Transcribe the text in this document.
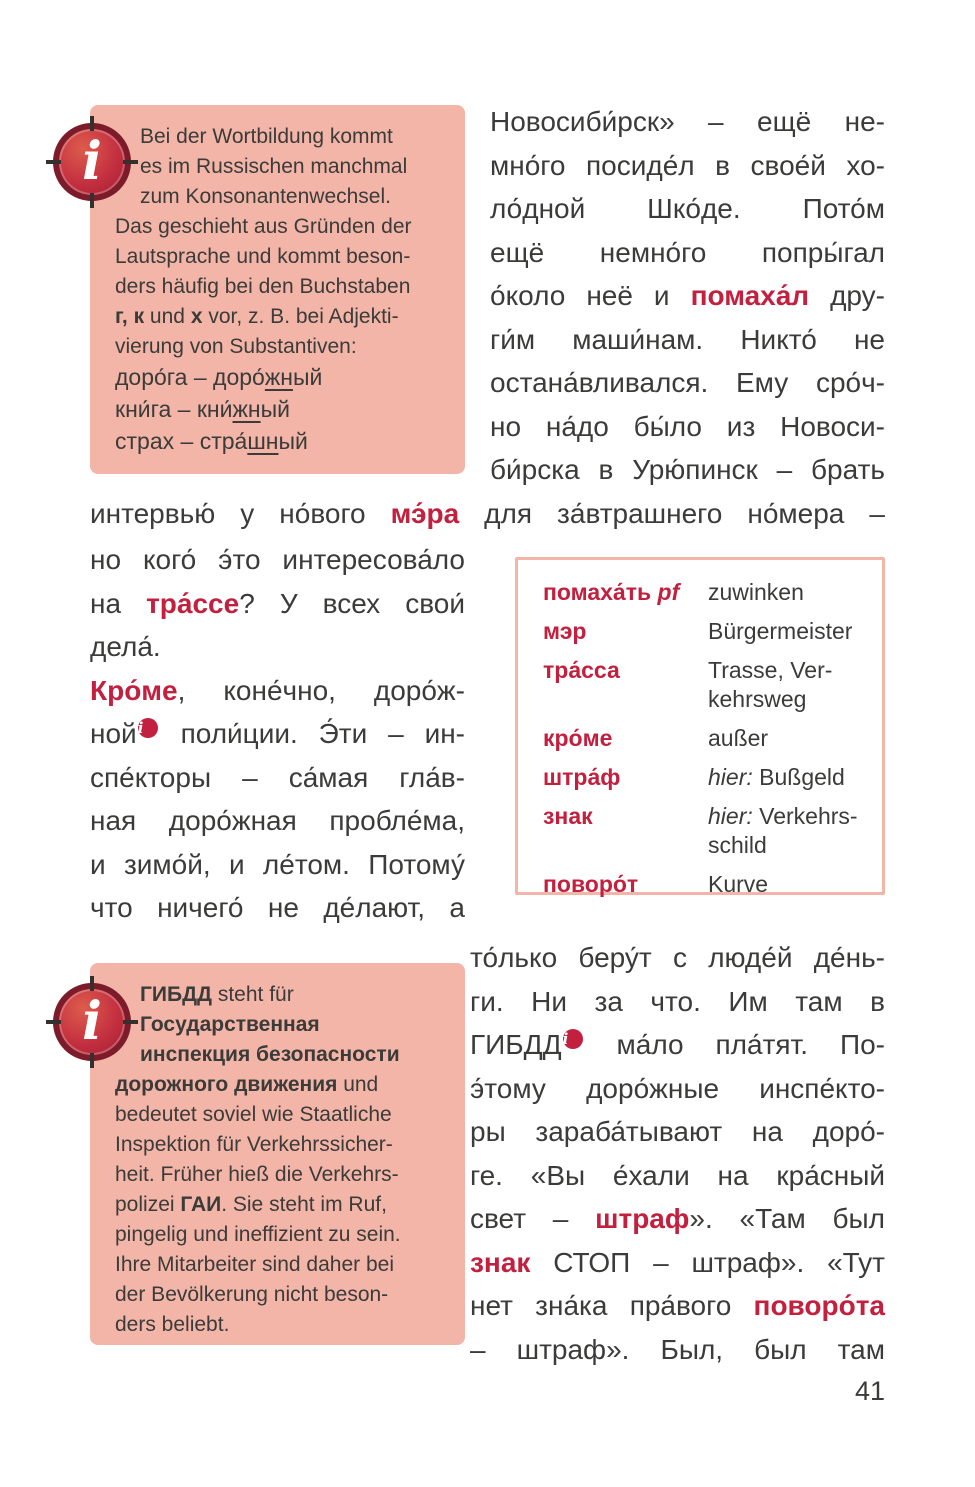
i	Bei der Wortbildung kommt
es im Russischen manchmal
zum Konsonantenwechsel.
Das geschieht aus Gründen der
Lautsprache und kommt beson-
ders häufig bei den Buchstaben
г, к und х vor, z. B. bei Adjekti-
vierung von Substantiven:
доро́га – доро́жный
кни́га – кни́жный
страх – стра́шный
Новосиби́рск» – ещё не-
мно́го посиде́л в свое́й хо-
ло́дной Шко́де. Пото́м
ещё немно́го попры́гал
о́коло неё и помаха́л дру-
ги́м маши́нам. Никто́ не
остана́вливался. Ему сро́ч-
но на́до бы́ло из Новоси-
би́рска в Урю́пинск – брать
интервью́ у но́вого мэ́ра для за́втрашнего но́мера –
но кого́ э́то интересова́ло
на тра́ссе? У всех свои́
дела́.
Кро́ме, коне́чно, доро́ж-
нойi поли́ции. Э́ти – ин-
спе́кторы – са́мая гла́в-
ная доро́жная пробле́ма,
и зимо́й, и ле́том. Потому́
что ничего́ не де́лают, а
помаха́ть pf	zuwinken
мэр	Bürgermeister
тра́сса	Trasse, Ver-
kehrsweg
кро́ме	außer
штра́ф	hier: Bußgeld
знак	hier: Verkehrs-
schild
поворо́т	Kurve
i	ГИБДД steht für
Государственная
инспекция безопасности
дорожного движения und
bedeutet soviel wie Staatliche
Inspektion für Verkehrssicher-
heit. Früher hieß die Verkehrs-
polizei ГАИ. Sie steht im Ruf,
pingelig und ineffizient zu sein.
Ihre Mitarbeiter sind daher bei
der Bevölkerung nicht beson-
ders beliebt.
то́лько беру́т с люде́й де́нь-
ги. Ни за что. Им там в
ГИБДДi ма́ло пла́тят. По-
э́тому доро́жные инспе́кто-
ры зараба́тывают на доро́-
ге. «Вы е́хали на кра́сный
свет – штраф». «Там был
знак СТОП – штраф». «Тут
нет зна́ка пра́вого поворо́та
– штраф». Был, был там
41
